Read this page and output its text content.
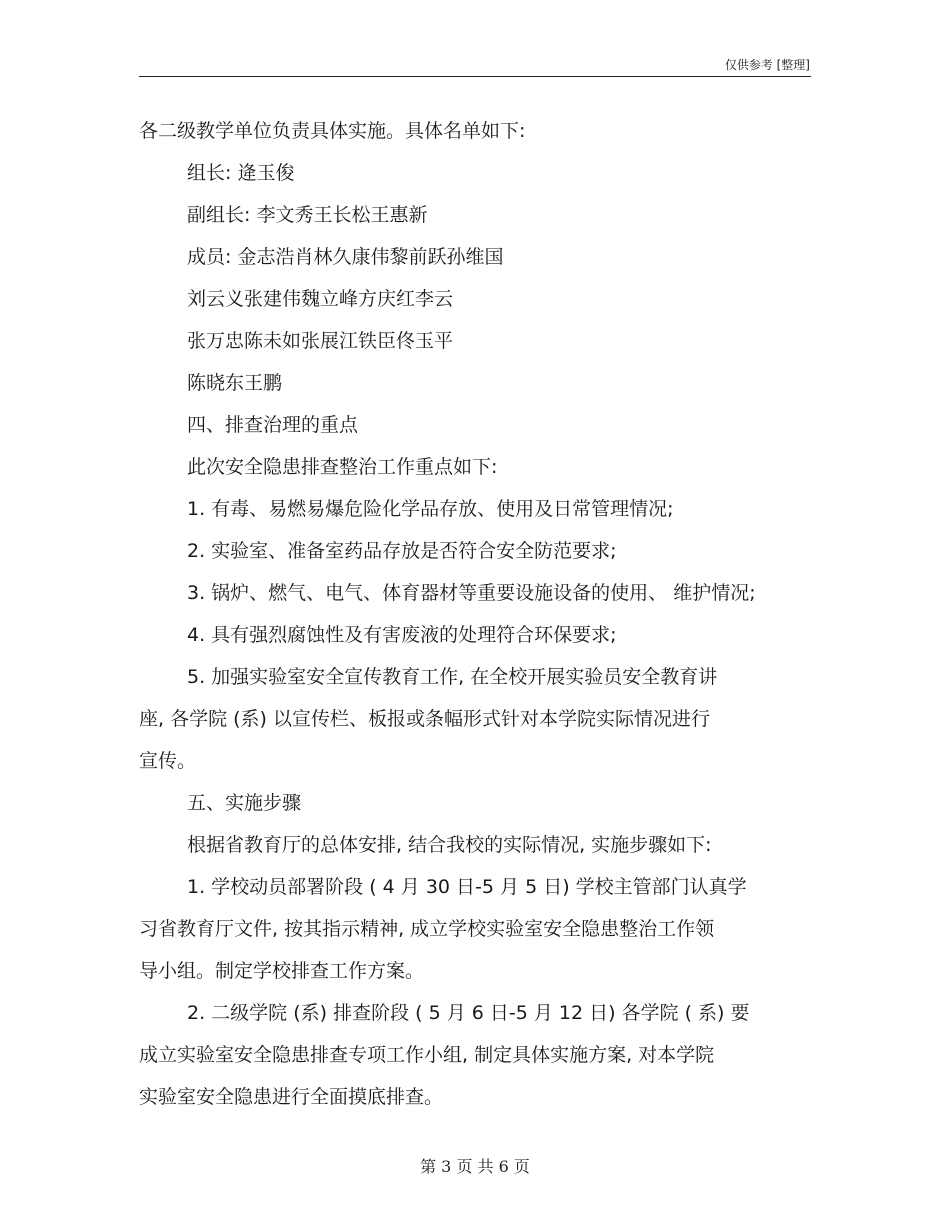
仅供参考 [整理]
各二级教学单位负责具体实施。具体名单如下:
组长: 逄玉俊
副组长: 李文秀王长松王惠新
成员: 金志浩肖林久康伟黎前跃孙维国
刘云义张建伟魏立峰方庆红李云
张万忠陈未如张展江铁臣佟玉平
陈晓东王鹏
四、排查治理的重点
此次安全隐患排查整治工作重点如下:
1. 有毒、易燃易爆危险化学品存放、使用及日常管理情况;
2. 实验室、准备室药品存放是否符合安全防范要求;
3. 锅炉、燃气、电气、体育器材等重要设施设备的使用、 维护情况;
4. 具有强烈腐蚀性及有害废液的处理符合环保要求;
5. 加强实验室安全宣传教育工作, 在全校开展实验员安全教育讲
座, 各学院 (系) 以宣传栏、板报或条幅形式针对本学院实际情况进行
宣传。
五、实施步骤
根据省教育厅的总体安排, 结合我校的实际情况, 实施步骤如下:
1. 学校动员部署阶段 ( 4 月 30 日-5 月 5 日) 学校主管部门认真学
习省教育厅文件, 按其指示精神, 成立学校实验室安全隐患整治工作领
导小组。制定学校排查工作方案。
2. 二级学院 (系) 排查阶段 ( 5 月 6 日-5 月 12 日) 各学院 ( 系) 要
成立实验室安全隐患排查专项工作小组, 制定具体实施方案, 对本学院
实验室安全隐患进行全面摸底排查。
第 3 页 共 6 页
